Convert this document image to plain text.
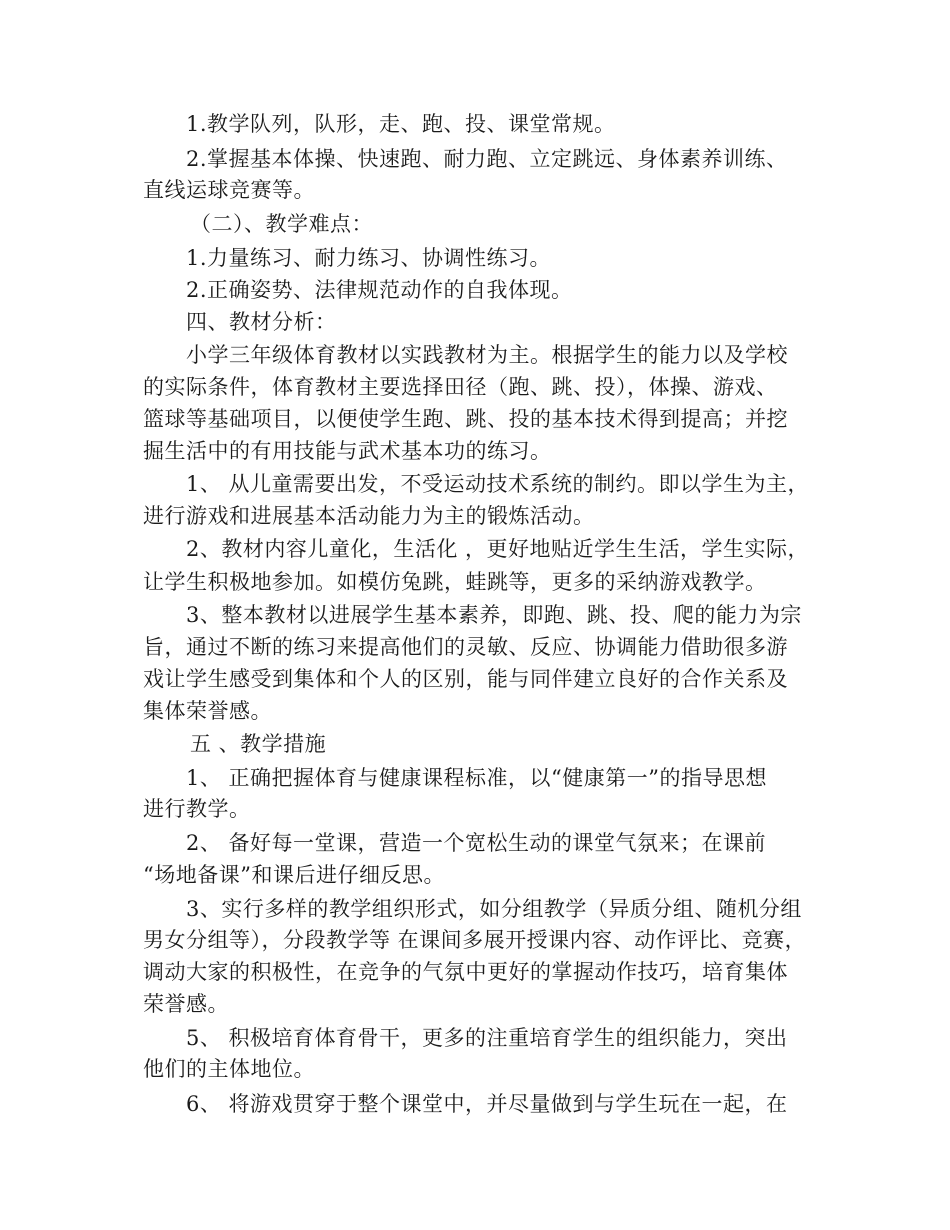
1.教学队列，队形，走、跑、投、课堂常规。
2.掌握基本体操、快速跑、耐力跑、立定跳远、身体素养训练、
直线运球竞赛等。
（二）、教学难点：
1.力量练习、耐力练习、协调性练习。
2.正确姿势、法律规范动作的自我体现。
四、教材分析：
小学三年级体育教材以实践教材为主。根据学生的能力以及学校
的实际条件，体育教材主要选择田径（跑、跳、投），体操、游戏、
篮球等基础项目，以便使学生跑、跳、投的基本技术得到提高；并挖
掘生活中的有用技能与武术基本功的练习。
1、 从儿童需要出发，不受运动技术系统的制约。即以学生为主，
进行游戏和进展基本活动能力为主的锻炼活动。
2、教材内容儿童化，生活化 ，更好地贴近学生生活，学生实际，
让学生积极地参加。如模仿兔跳，蛙跳等，更多的采纳游戏教学。
3、整本教材以进展学生基本素养，即跑、跳、投、爬的能力为宗
旨，通过不断的练习来提高他们的灵敏、反应、协调能力借助很多游
戏让学生感受到集体和个人的区别，能与同伴建立良好的合作关系及
集体荣誉感。
五 、教学措施
1、 正确把握体育与健康课程标准，以“健康第一”的指导思想
进行教学。
2、 备好每一堂课，营造一个宽松生动的课堂气氛来；在课前
“场地备课”和课后进仔细反思。
3、实行多样的教学组织形式，如分组教学（异质分组、随机分组
男女分组等），分段教学等 在课间多展开授课内容、动作评比、竞赛，
调动大家的积极性，在竞争的气氛中更好的掌握动作技巧，培育集体
荣誉感。
5、 积极培育体育骨干，更多的注重培育学生的组织能力，突出
他们的主体地位。
6、 将游戏贯穿于整个课堂中，并尽量做到与学生玩在一起，在
